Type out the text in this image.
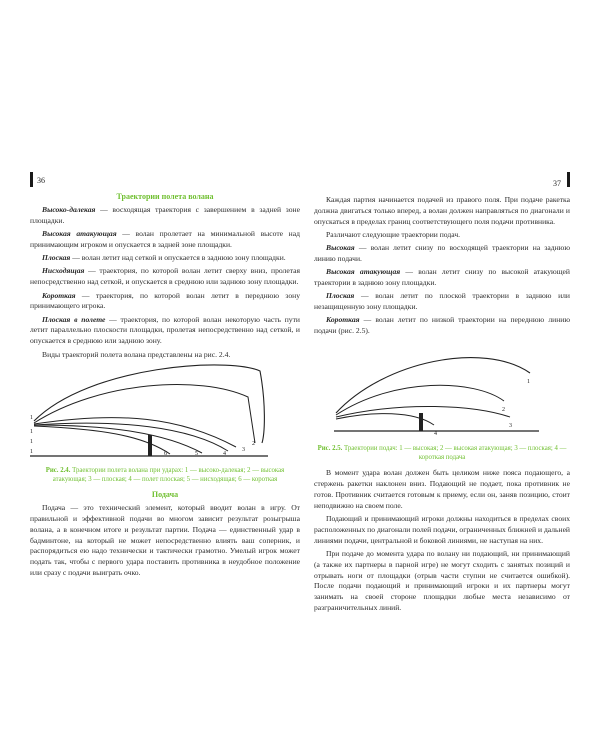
36	37
Траектории полета волана

Высоко-далекая — восходящая траектория с завершением в задней зоне площадки.

Высокая атакующая — волан пролетает на минимальной высоте над принимающим игроком и опускается в задней зоне площадки.

Плоская — волан летит над сеткой и опускается в заднюю зону площадки.

Нисходящая — траектория, по которой волан летит сверху вниз, пролетая непосредственно над сеткой, и опускается в среднюю или заднюю зону площадки.

Короткая — траектория, по которой волан летит в переднюю зону принимающего игрока.

Плоская в полете — траектория, по которой волан некоторую часть пути летит параллельно плоскости площадки, пролетая непосредственно над сеткой, и опускается в среднюю или заднюю зону.

Виды траекторий полета волана представлены на рис. 2.4.

1
1
1
1
2
3
4
5
6
Рис. 2.4. Траектории полета волана при ударах: 1 — высоко-далекая; 2 — высокая атакующая; 3 — плоская; 4 — полет плоская; 5 — нисходящая; 6 — короткая
Подача

Подача — это технический элемент, который вводит волан в игру. От правильной и эффективной подачи во многом зависит результат розыгрыша волана, а в конечном итоге и результат партии. Подача — единственный удар в бадминтоне, на который не может непосредственно влиять ваш соперник, и распорядиться ею надо технически и тактически грамотно. Умелый игрок может подать так, чтобы с первого удара поставить противника в неудобное положение или сразу с подачи выиграть очко.

Каждая партия начинается подачей из правого поля. При подаче ракетка должна двигаться только вперед, а волан должен направляться по диагонали и опускаться в пределах границ соответствующего поля подачи противника.

Различают следующие траектории подач.

Высокая — волан летит снизу по восходящей траектории на заднюю линию подачи.

Высокая атакующая — волан летит снизу по высокой атакующей траектории в заднюю зону площадки.

Плоская — волан летит по плоской траектории в заднюю или незащищенную зону площадки.

Короткая — волан летит по низкой траектории на переднюю линию подачи (рис. 2.5).

1
2
3
4
Рис. 2.5. Траектории подач: 1 — высокая; 2 — высокая атакующая; 3 — плоская; 4 — короткая подача

В момент удара волан должен быть целиком ниже пояса подающего, а стержень ракетки наклонен вниз. Подающий не подает, пока противник не готов. Противник считается готовым к приему, если он, заняв позицию, стоит неподвижно на своем поле.

Подающий и принимающий игроки должны находиться в пределах своих расположенных по диагонали полей подачи, ограниченных ближней и дальней линиями подачи, центральной и боковой линиями, не наступая на них.

При подаче до момента удара по волану ни подающий, ни принимающий (а также их партнеры в парной игре) не могут сходить с занятых позиций и отрывать ноги от площадки (отрыв части ступни не считается ошибкой). После подачи подающий и принимающий игроки и их партнеры могут занимать на своей стороне площадки любые места независимо от разграничительных линий.
